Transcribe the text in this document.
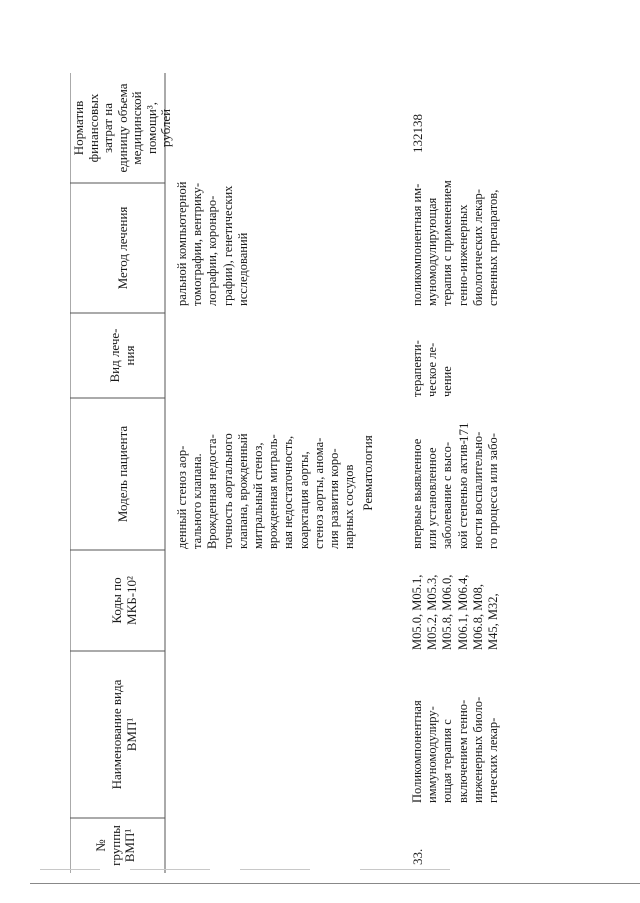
171
№
группы
ВМП¹
Наименование вида
ВМП¹
Коды по
МКБ-10²
Модель пациента
Вид лече-
ния
Метод лечения
Норматив
финансовых
затрат на
единицу объема
медицинской
помощи³,
рублей
денный стеноз аор-
тального клапана.
Врожденная недоста-
точность аортального
клапана, врожденный
митральный стеноз,
врожденная митраль-
ная недостаточность,
коарктация аорты,
стеноз аорты, анома-
лия развития коро-
нарных сосудов
ральной компьютерной
томографии, вентрику-
лографии, коронаро-
графии), генетических
исследований
Ревматология
33.
Поликомпонентная
иммуномодулиру-
ющая терапия с
включением генно-
инженерных биоло-
гических лекар-
M05.0, M05.1,
M05.2, M05.3,
M05.8, M06.0,
M06.1, M06.4,
M06.8, M08,
M45, M32,
впервые выявленное
или установленное
заболевание с высо-
кой степенью актив-
ности воспалительно-
го процесса или забо-
терапевти-
ческое ле-
чение
поликомпонентная им-
муномодулирующая
терапия с применением
генно-инженерных
биологических лекар-
ственных препаратов,
132138
